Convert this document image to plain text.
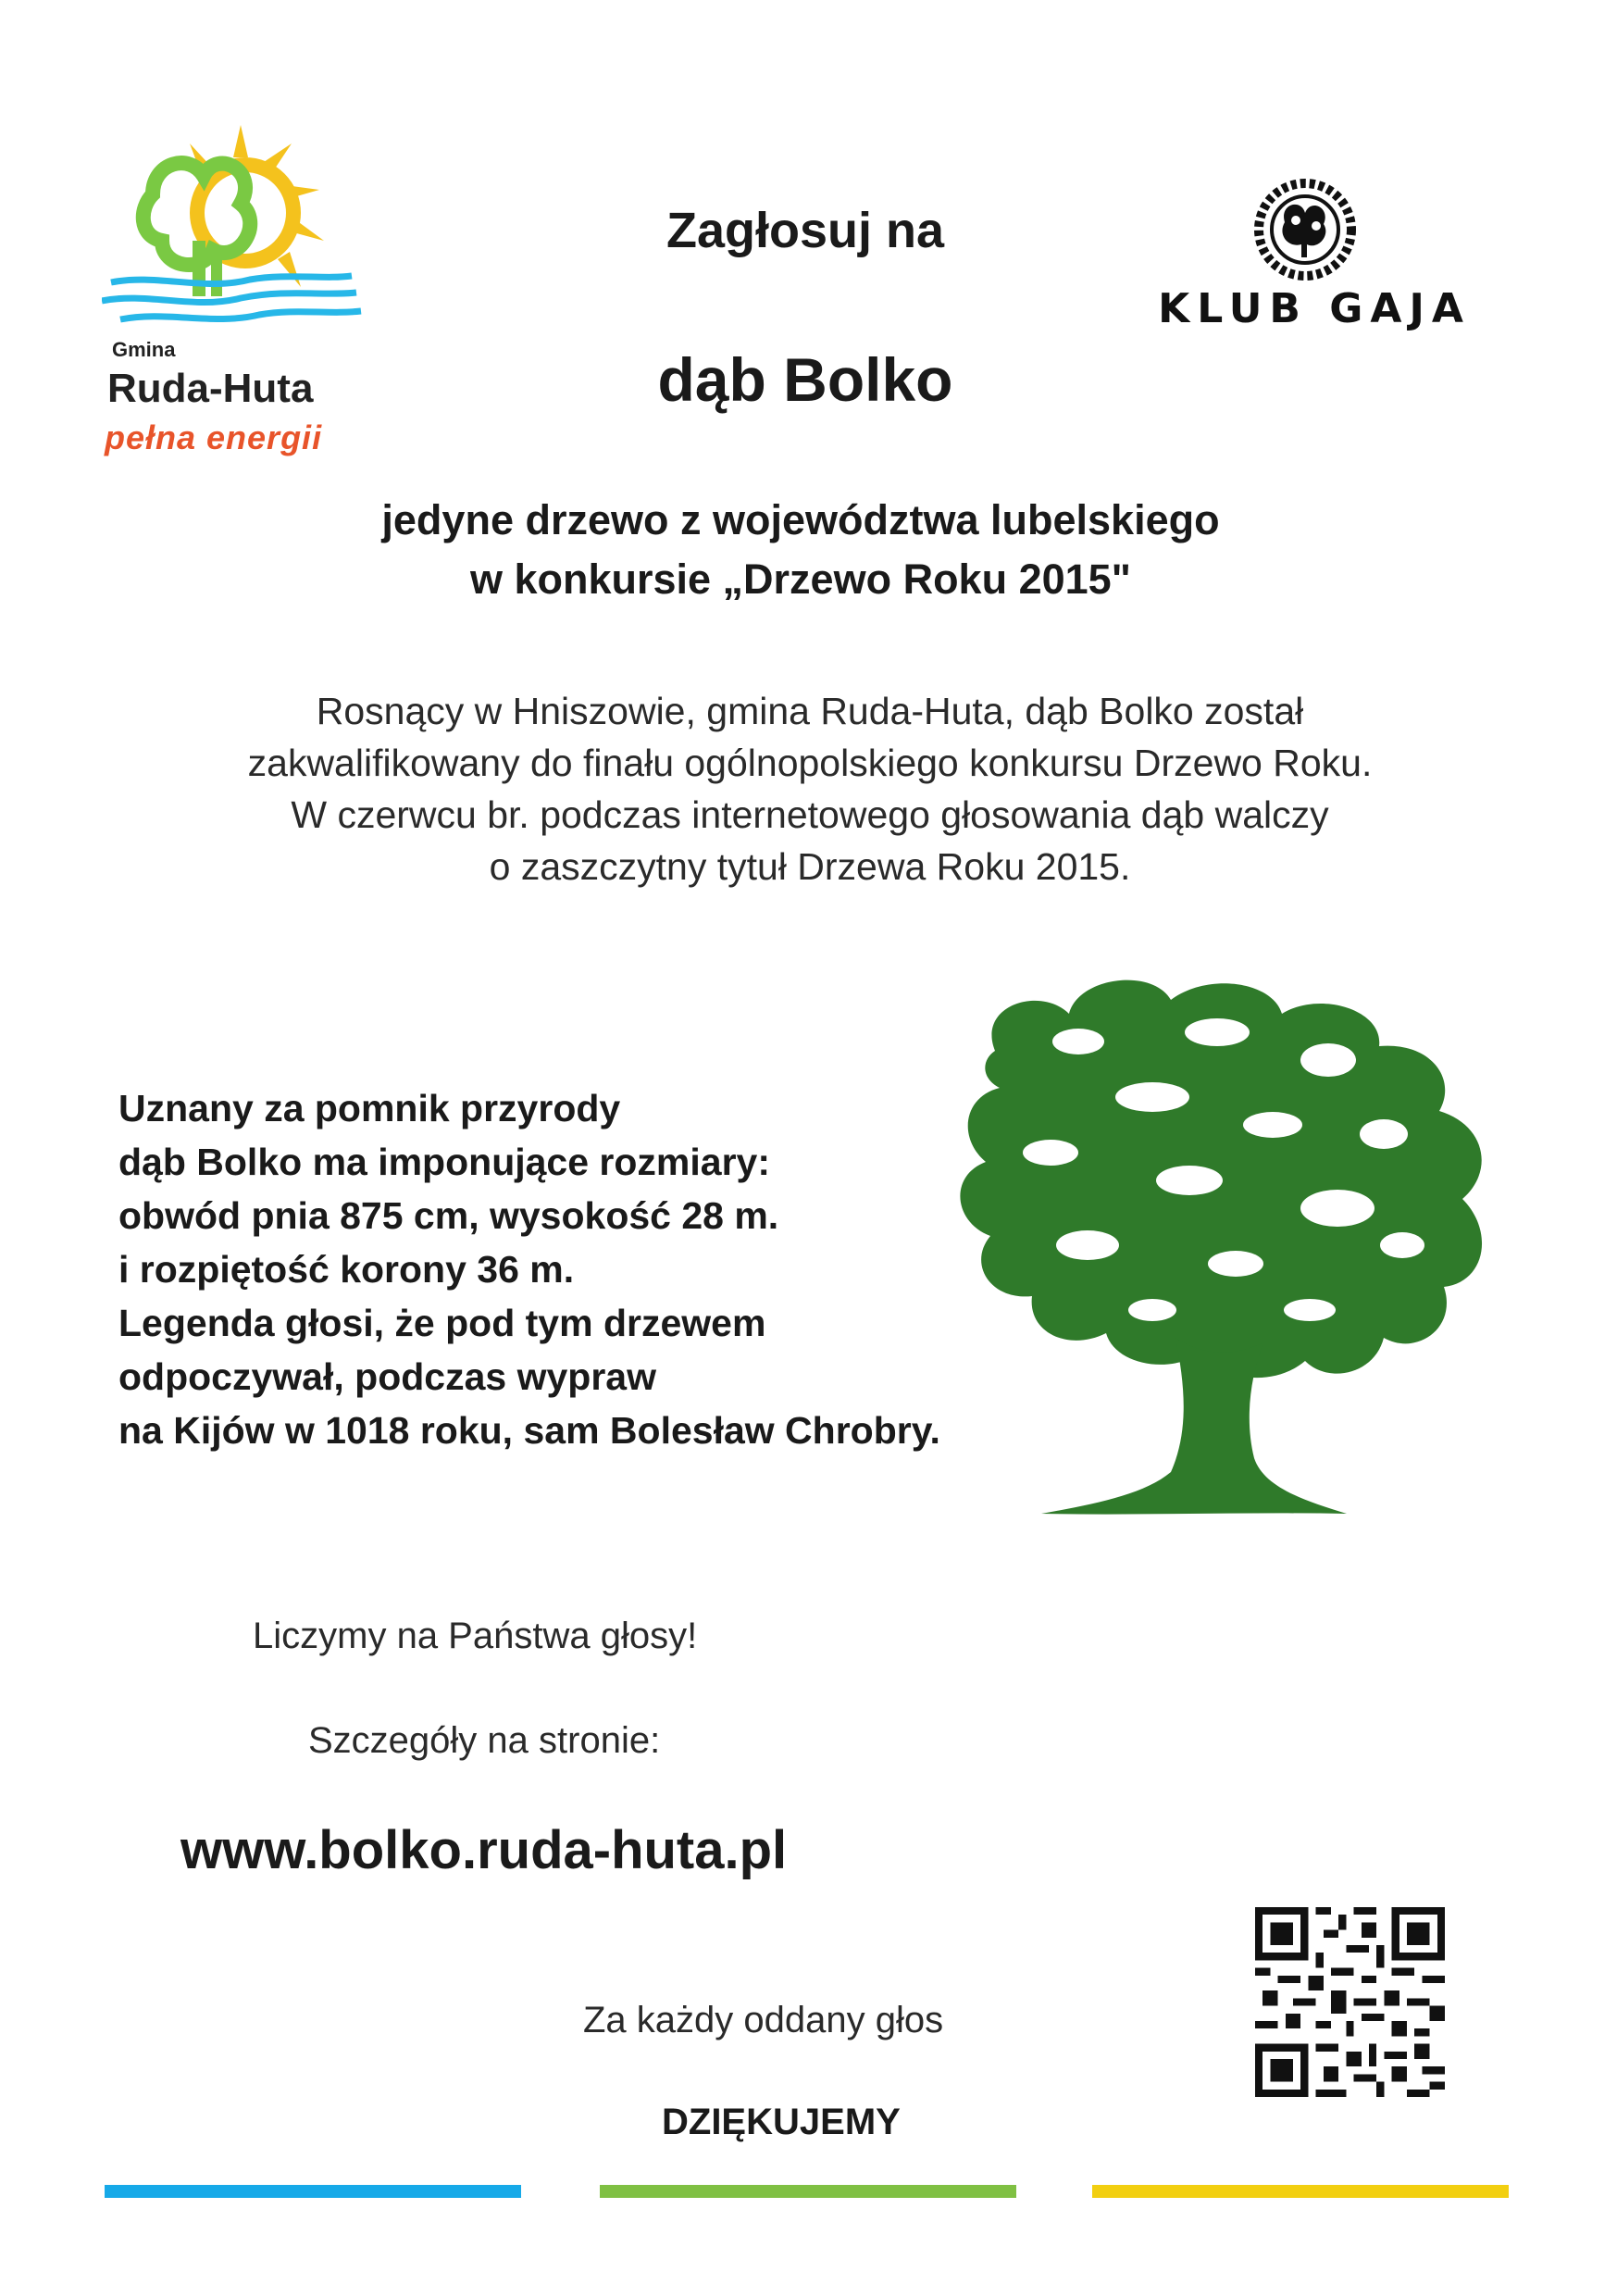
Gmina
Ruda-Huta
pełna energii
Zagłosuj na
dąb Bolko
KLUB GAJA
jedyne drzewo z województwa lubelskiego
w konkursie „Drzewo Roku 2015"
Rosnący w Hniszowie, gmina Ruda-Huta, dąb Bolko został
zakwalifikowany do finału ogólnopolskiego konkursu Drzewo Roku.
W czerwcu br. podczas internetowego głosowania dąb walczy
o zaszczytny tytuł Drzewa Roku 2015.
Uznany za pomnik przyrody
dąb Bolko ma imponujące rozmiary:
obwód pnia 875 cm, wysokość 28 m.
i rozpiętość korony 36 m.
Legenda głosi, że pod tym drzewem
odpoczywał, podczas wypraw
na Kijów w 1018 roku, sam Bolesław Chrobry.
Liczymy na Państwa głosy!
Szczegóły na stronie:
www.bolko.ruda-huta.pl
Za każdy oddany głos
DZIĘKUJEMY
